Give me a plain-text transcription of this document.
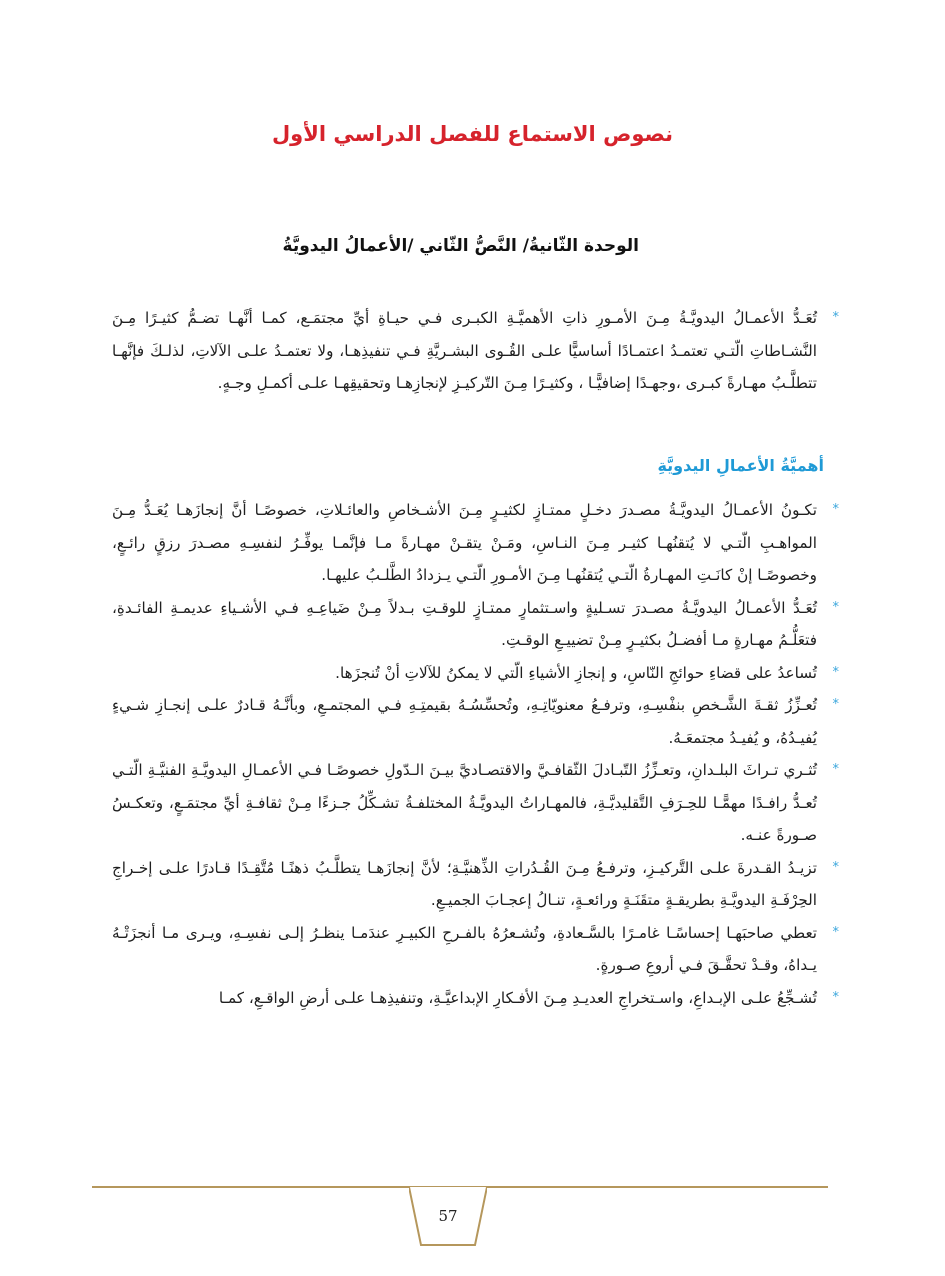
نصوص الاستماع للفصل الدراسي الأول
الوحدة الثّانيةُ/ النَّصُّ الثّاني /الأعمالُ اليدويَّةُ

*
تُعَـدُّ الأعمـالُ اليدويَّـةُ مِـنَ الأمـورِ ذاتِ الأهميَّـةِ الكبـرى فـي حيـاةِ أيِّ مجتمَـع، كمـا أنَّهـا تضـمُّ كثيـرًا مِـنَ النَّشـاطاتِ الّتـي تعتمـدُ اعتمـادًا أساسيًّا علـى القُـوى البشـريَّةِ فـي تنفيذِهـا، ولا تعتمـدُ علـى الآلاتِ، لذلـكَ فإنَّهـا تتطلَّـبُ مهـارةً كبـرى ،وجهـدًا إضافيًّـا ، وكثيـرًا مِـنَ التّركيـزِ لإنجازِهـا وتحقيقِهـا علـى أكمـلِ وجـهٍ.

أهميَّةُ الأعمالِ اليدويَّةِ

*
تكـونُ الأعمـالُ اليدويَّـةُ مصـدرَ دخـلٍ ممتـازٍ لكثيـرٍ مِـنَ الأشـخاصِ والعائـلاتِ، خصوصًـا أنَّ إنجازَهـا يُعَـدُّ مِـنَ المواهـبِ الّتـي لا يُتقنُهـا كثيـر مِـنَ النـاسِ، ومَـنْ يتقـنْ مهـارةً مـا فإنَّمـا يوفِّـرُ لنفسِـهِ مصـدرَ رزقٍ رائـعٍ، وخصوصًـا إنْ كانَـتِ المهـارةُ الّتـي يُتقنُهـا مِـنَ الأمـورِ الّتـي يـزدادُ الطَّلـبُ عليهـا.

*
تُعَـدُّ الأعمـالُ اليدويَّـةُ مصـدرَ تسـليةٍ واسـتثمارٍ ممتـازٍ للوقـتِ بـدلاً مِـنْ ضَياعِـهِ فـي الأشـياءِ عديمـةِ الفائـدةِ، فتعَلُّـمُ مهـارةٍ مـا أفضـلُ بكثيـرٍ مِـنْ تضييـعِ الوقـتِ.

*
تُساعدُ على قضاءِ حوائجِ النّاسِ، و إنجازِ الأشياءِ الّتي لا يمكنُ للآلاتِ أنْ تُنجزَها.

*
تُعـزِّزُ ثقـةَ الشَّـخصِ بنفْسِـهِ، وترفـعُ معنويّاتِـهِ، وتُحسِّسُـهُ بقيمتِـهِ فـي المجتمـعِ، وبأنَّـهُ قـادرٌ علـى إنجـازِ شـيءٍ يُفيـدُهُ، و يُفيـدُ مجتمعَـهُ.

*
تُثـري تـراثَ البلـدانِ، وتعـزِّزُ التّبـادلَ الثّقافـيَّ والاقتصـاديَّ بيـنَ الـدّولِ خصوصًـا فـي الأعمـالِ اليدويَّـةِ الفنيَّـةِ الّتـي تُعـدُّ رافـدًا مهمًّـا للحِـرَفِ التَّقليديَّـةِ، فالمهـاراتُ اليدويَّـةُ المختلفـةُ تشـكِّلُ جـزءًا مِـنْ ثقافـةِ أيِّ مجتمَـعٍ، وتعكـسُ صـورةً عنـه.

*
تزيـدُ القـدرةَ علـى التَّركيـزِ، وترفـعُ مِـنَ القُـدُراتِ الذِّهنيَّـةِ؛ لأنَّ إنجازَهـا يتطلَّـبُ ذهنًـا مُتَّقِـدًا قـادرًا علـى إخـراجِ الحِرْفَـةِ اليدويَّـةِ بطريقـةٍ متقَنَـةٍ ورائعـةٍ، تنـالُ إعجـابَ الجميـعِ.

*
تعطي صاحبَهـا إحساسًـا غامـرًا بالسَّـعادةِ، وتُشـعرُهُ بالفـرحِ الكبيـرِ عندَمـا ينظـرُ إلـى نفسِـهِ، ويـرى مـا أنجزَتْـهُ يـداهُ، وقـدْ تحقَّـقَ فـي أروعِ صـورةٍ.

*
تُشـجِّعُ علـى الإبـداعِ، واسـتخراجِ العديـدِ مِـنَ الأفـكارِ الإبداعيَّـةِ، وتنفيذِهـا علـى أرضِ الواقـعِ، كمـا

57
